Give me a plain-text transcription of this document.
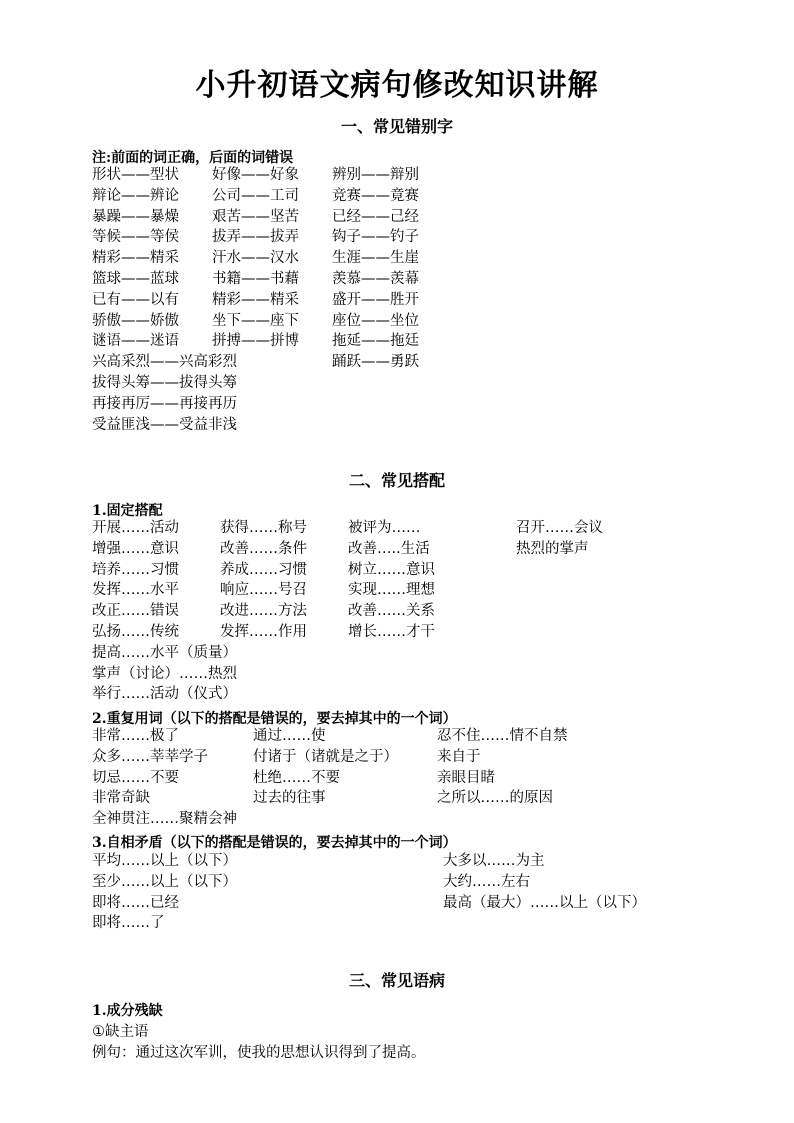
小升初语文病句修改知识讲解
一、常见错别字
注:前面的词正确，后面的词错误
形状——型状 好像——好象 辨别——辩别
辩论——辨论 公司——工司 竞赛——竟赛
暴躁——暴燥 艰苦——坚苦 已经——己经
等候——等侯 拔弄——拔弄 钩子——钓子
精彩——精采 汗水——汉水 生涯——生崖
篮球——蓝球 书籍——书藉 羡慕——羡幕
已有——以有 精彩——精采 盛开——胜开
骄傲——娇傲 坐下——座下 座位——坐位
谜语——迷语 拼搏——拼博 拖延——拖廷
兴高采烈——兴高彩烈	踊跃——勇跃
拔得头筹——拔得头筹
再接再厉——再接再历
受益匪浅——受益非浅
二、常见搭配
1.固定搭配
开展……活动	获得……称号	被评为……	召开……会议
增强……意识	改善……条件	改善…..生活	热烈的掌声
培养……习惯	养成……习惯	树立……意识
发挥……水平	响应……号召	实现……理想
改正……错误	改进……方法	改善……关系
弘扬……传统	发挥……作用	增长……才干
提高……水平（质量）
掌声（讨论）……热烈
举行……活动（仪式）
2.重复用词（以下的搭配是错误的，要去掉其中的一个词）
非常……极了	通过……使	忍不住……情不自禁
众多……莘莘学子	付诸于（诸就是之于）	来自于
切忌……不要	杜绝……不要	亲眼目睹
非常奇缺	过去的往事	之所以……的原因
全神贯注……聚精会神
3.自相矛盾（以下的搭配是错误的，要去掉其中的一个词）
平均……以上（以下）	大多以……为主
至少……以上（以下）	大约……左右
即将……已经	最高（最大）……以上（以下）
即将……了
三、常见语病
1.成分残缺
①缺主语
例句：通过这次军训，使我的思想认识得到了提高。
